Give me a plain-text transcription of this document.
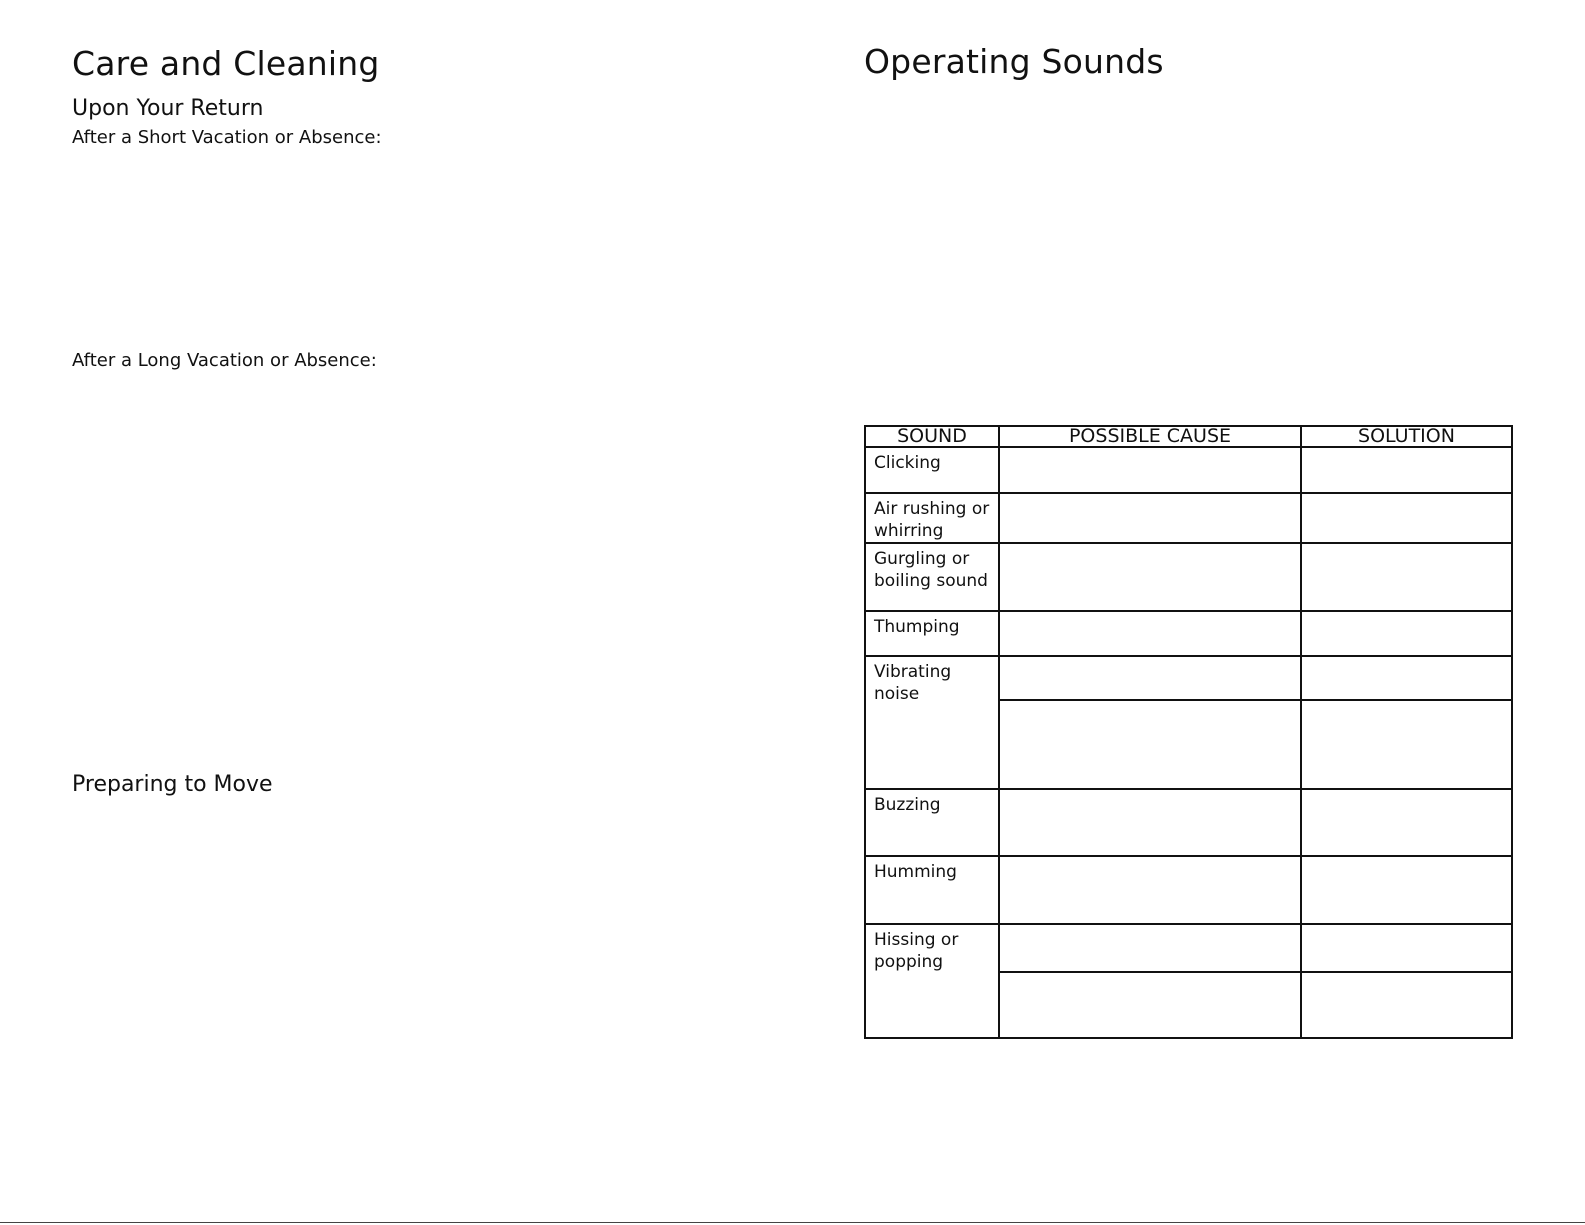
Care and Cleaning
Upon Your Return
After a Short Vacation or Absence:
After a Long Vacation or Absence:
Preparing to Move
Operating Sounds
SOUND	POSSIBLE CAUSE	SOLUTION
Clicking		
Air rushing or whirring		
Gurgling or boiling sound		
Thumping		
Vibrating noise		

Buzzing		
Humming		
Hissing or popping		
